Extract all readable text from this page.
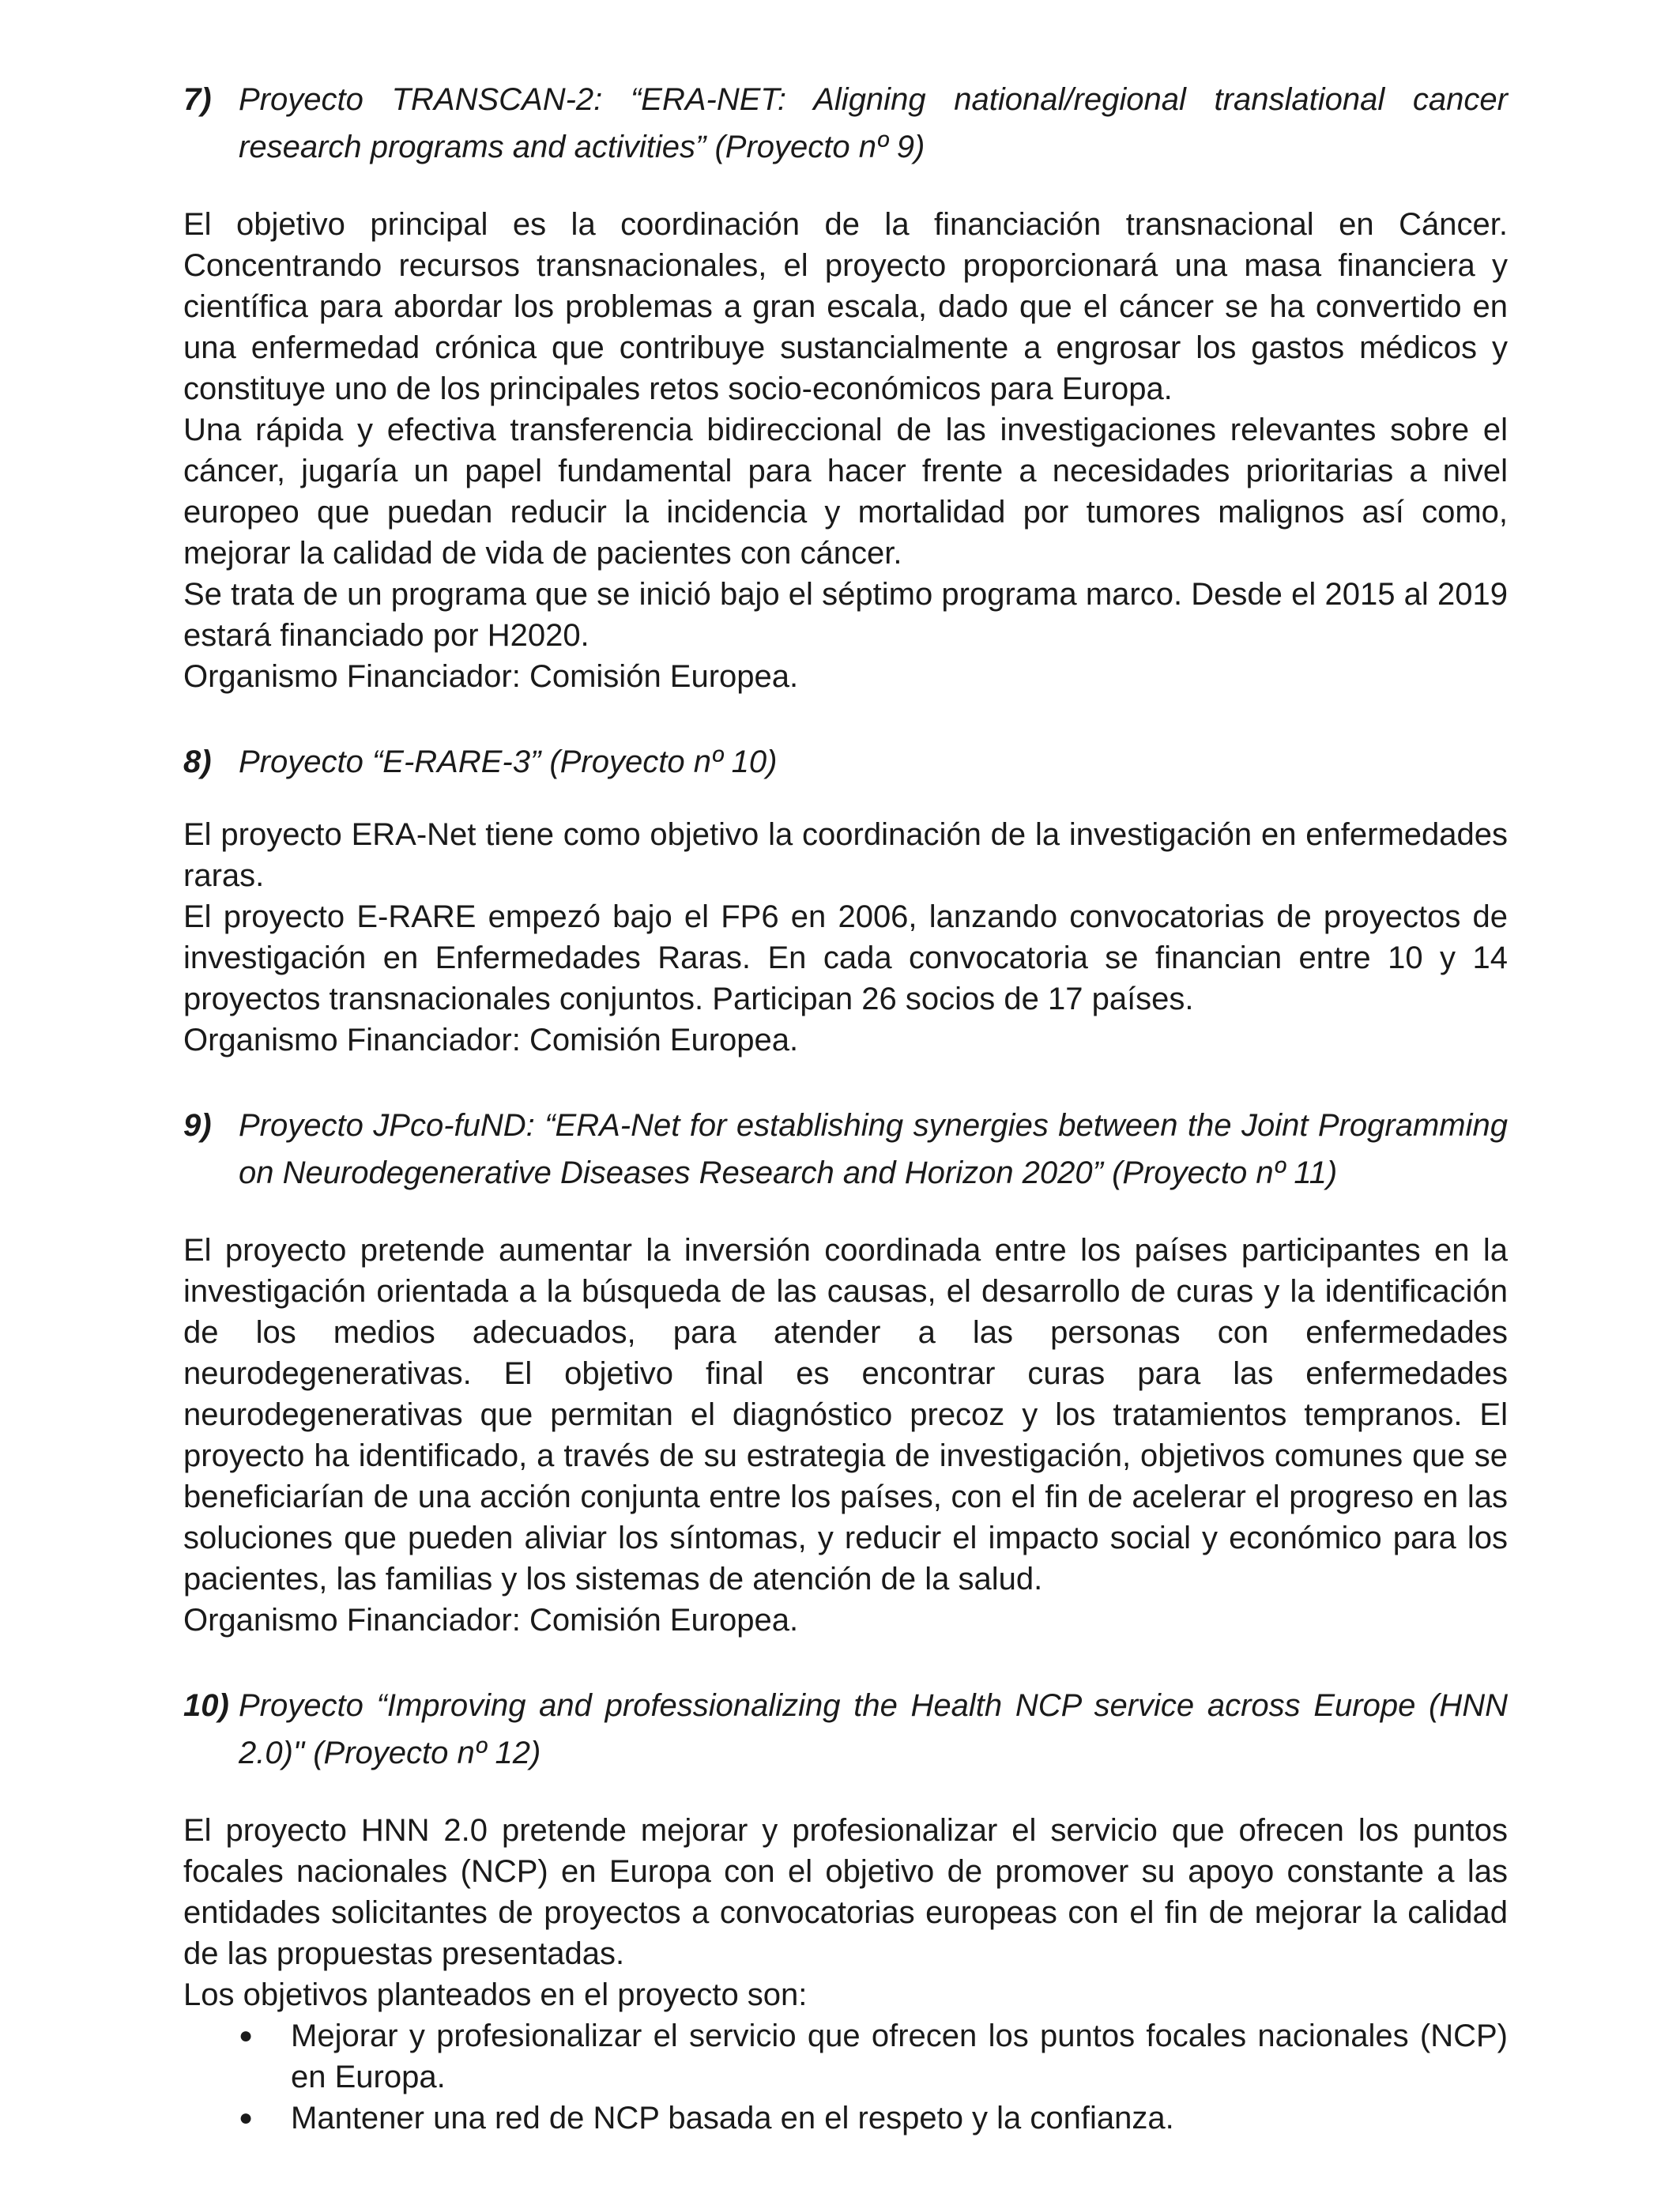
7) Proyecto TRANSCAN-2: “ERA-NET: Aligning national/regional translational cancer research programs and activities” (Proyecto nº 9)

El objetivo principal es la coordinación de la financiación transnacional en Cáncer. Concentrando recursos transnacionales, el proyecto proporcionará una masa financiera y científica para abordar los problemas a gran escala, dado que el cáncer se ha convertido en una enfermedad crónica que contribuye sustancialmente a engrosar los gastos médicos y constituye uno de los principales retos socio-económicos para Europa.

Una rápida y efectiva transferencia bidireccional de las investigaciones relevantes sobre el cáncer, jugaría un papel fundamental para hacer frente a necesidades prioritarias a nivel europeo que puedan reducir la incidencia y mortalidad por tumores malignos así como, mejorar la calidad de vida de pacientes con cáncer.

Se trata de un programa que se inició bajo el séptimo programa marco. Desde el 2015 al 2019 estará financiado por H2020.

Organismo Financiador: Comisión Europea.

8) Proyecto “E-RARE-3” (Proyecto nº 10)

El proyecto ERA-Net tiene como objetivo la coordinación de la investigación en enfermedades raras.

El proyecto E-RARE empezó bajo el FP6 en 2006, lanzando convocatorias de proyectos de investigación en Enfermedades Raras. En cada convocatoria se financian entre 10 y 14 proyectos transnacionales conjuntos. Participan 26 socios de 17 países.

Organismo Financiador: Comisión Europea.

9) Proyecto JPco-fuND: “ERA-Net for establishing synergies between the Joint Programming on Neurodegenerative Diseases Research and Horizon 2020” (Proyecto nº 11)

El proyecto pretende aumentar la inversión coordinada entre los países participantes en la investigación orientada a la búsqueda de las causas, el desarrollo de curas y la identificación de los medios adecuados, para atender a las personas con enfermedades neurodegenerativas. El objetivo final es encontrar curas para las enfermedades neurodegenerativas que permitan el diagnóstico precoz y los tratamientos tempranos. El proyecto ha identificado, a través de su estrategia de investigación, objetivos comunes que se beneficiarían de una acción conjunta entre los países, con el fin de acelerar el progreso en las soluciones que pueden aliviar los síntomas, y reducir el impacto social y económico para los pacientes, las familias y los sistemas de atención de la salud.

Organismo Financiador: Comisión Europea.

10) Proyecto “Improving and professionalizing the Health NCP service across Europe (HNN 2.0)" (Proyecto nº 12)

El proyecto HNN 2.0 pretende mejorar y profesionalizar el servicio que ofrecen los puntos focales nacionales (NCP) en Europa con el objetivo de promover su apoyo constante a las entidades solicitantes de proyectos a convocatorias europeas con el fin de mejorar la calidad de las propuestas presentadas.

Los objetivos planteados en el proyecto son:

●	Mejorar y profesionalizar el servicio que ofrecen los puntos focales nacionales (NCP) en Europa.
●	Mantener una red de NCP basada en el respeto y la confianza.
